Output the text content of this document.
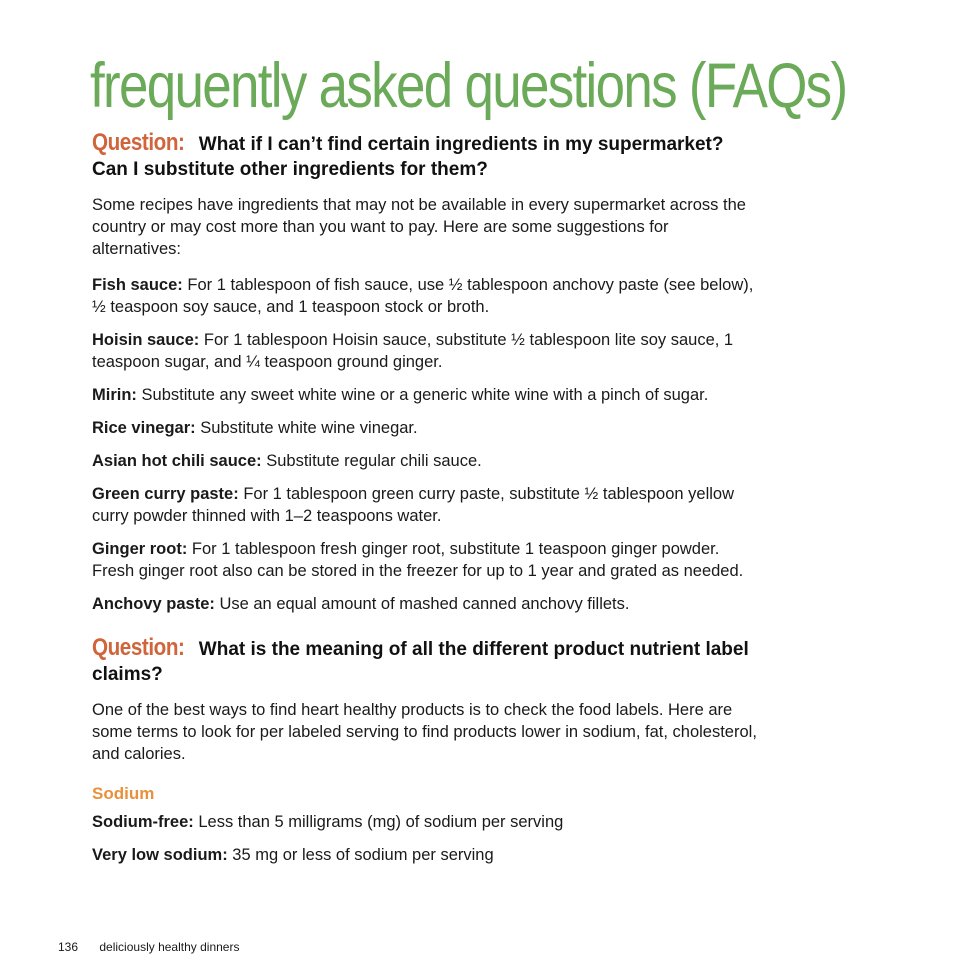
frequently asked questions (FAQs)

Question: What if I can’t find certain ingredients in my supermarket? Can I substitute other ingredients for them?

Some recipes have ingredients that may not be available in every supermarket across the country or may cost more than you want to pay. Here are some suggestions for alternatives:

Fish sauce: For 1 tablespoon of fish sauce, use ½ tablespoon anchovy paste (see below), ½ teaspoon soy sauce, and 1 teaspoon stock or broth.

Hoisin sauce: For 1 tablespoon Hoisin sauce, substitute ½ tablespoon lite soy sauce, 1 teaspoon sugar, and ¼ teaspoon ground ginger.

Mirin: Substitute any sweet white wine or a generic white wine with a pinch of sugar.

Rice vinegar: Substitute white wine vinegar.

Asian hot chili sauce: Substitute regular chili sauce.

Green curry paste: For 1 tablespoon green curry paste, substitute ½ tablespoon yellow curry powder thinned with 1–2 teaspoons water.

Ginger root: For 1 tablespoon fresh ginger root, substitute 1 teaspoon ginger powder. Fresh ginger root also can be stored in the freezer for up to 1 year and grated as needed.

Anchovy paste: Use an equal amount of mashed canned anchovy fillets.

Question: What is the meaning of all the different product nutrient label claims?

One of the best ways to find heart healthy products is to check the food labels. Here are some terms to look for per labeled serving to find products lower in sodium, fat, cholesterol, and calories.

Sodium

Sodium-free: Less than 5 milligrams (mg) of sodium per serving

Very low sodium: 35 mg or less of sodium per serving

136 deliciously healthy dinners
